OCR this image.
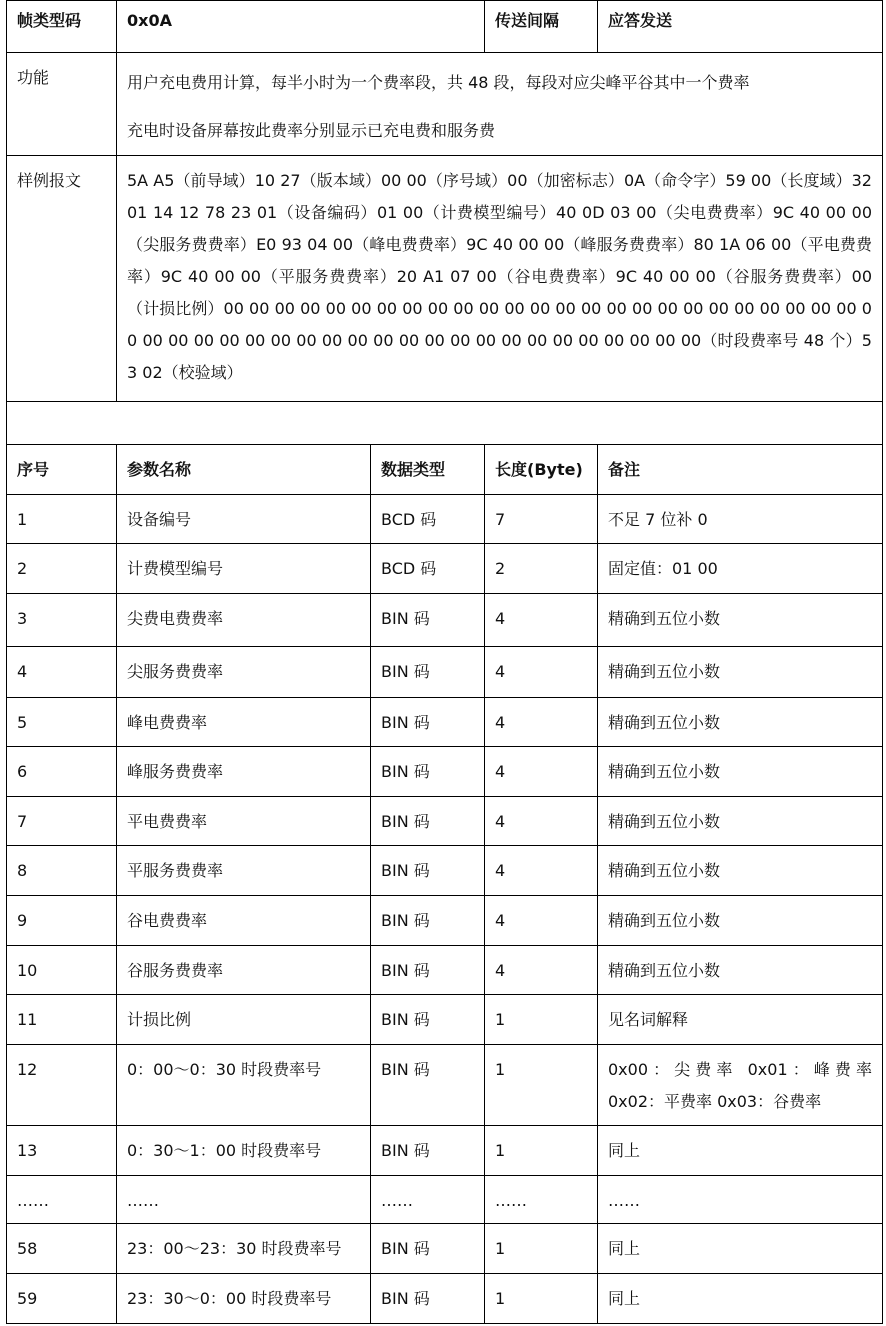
帧类型码	0x0A		传送间隔	应答发送
功能	用户充电费用计算，每半小时为一个费率段，共 48 段，每段对应尖峰平谷其中一个费率
充电时设备屏幕按此费率分别显示已充电费和服务费			

样例报文	5A A5（前导域）10 27（版本域）00 00（序号域）00（加密标志）0A（命令字）59 00（长度域）32 01 14 12 78 23 01（设备编码）01 00（计费模型编号）40 0D 03 00（尖电费费率）9C 40 00 00（尖服务费费率）E0 93 04 00（峰电费费率）9C 40 00 00（峰服务费费率）80 1A 06 00（平电费费率）9C 40 00 00（平服务费费率）20 A1 07 00（谷电费费率）9C 40 00 00（谷服务费费率）00（计损比例）00 00 00 00 00 00 00 00 00 00 00 00 00 00 00 00 00 00 00 00 00 00 00 00 00 00 00 00 00 00 00 00 00 00 00 00 00 00 00 00 00 00 00 00 00 00 00 00（时段费率号 48 个）53 02（校验域）			

序号	参数名称	数据类型	长度(Byte)	备注
1	设备编号	BCD 码	7	不足 7 位补 0
2	计费模型编号	BCD 码	2	固定值：01 00
3	尖费电费费率	BIN 码	4	精确到五位小数
4	尖服务费费率	BIN 码	4	精确到五位小数
5	峰电费费率	BIN 码	4	精确到五位小数
6	峰服务费费率	BIN 码	4	精确到五位小数
7	平电费费率	BIN 码	4	精确到五位小数
8	平服务费费率	BIN 码	4	精确到五位小数
9	谷电费费率	BIN 码	4	精确到五位小数
10	谷服务费费率	BIN 码	4	精确到五位小数
11	计损比例	BIN 码	1	见名词解释
12	0：00～0：30 时段费率号	BIN 码	1	0x00：尖费率 0x01：峰费率
0x02：平费率 0x03：谷费率

13	0：30～1：00 时段费率号	BIN 码	1	同上
……	……	……	……	……
58	23：00～23：30 时段费率号	BIN 码	1	同上
59	23：30～0：00 时段费率号	BIN 码	1	同上
